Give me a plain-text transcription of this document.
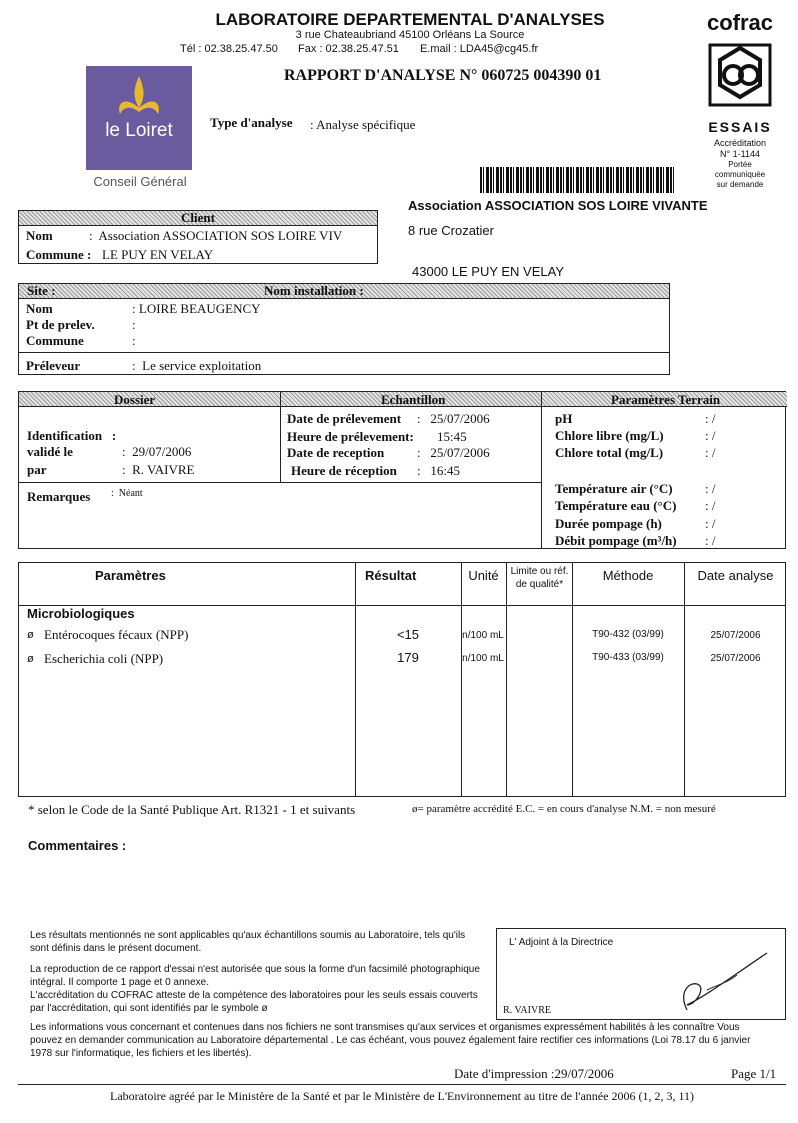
LABORATOIRE DEPARTEMENTAL D'ANALYSES
3 rue Chateaubriand 45100 Orléans La Source
Tél : 02.38.25.47.50 Fax : 02.38.25.47.51 E.mail : LDA45@cg45.fr
RAPPORT D'ANALYSE N° 060725 004390 01
Type d'analyse : Analyse spécifique
le Loiret
Conseil Général
cofrac
ESSAIS
Accréditation
N° 1-1144
Portée
communiquée
sur demande
Association ASSOCIATION SOS LOIRE VIVANTE
8 rue Crozatier
43000 LE PUY EN VELAY
Client
Nom	:  Association ASSOCIATION SOS LOIRE VIV
Commune : LE PUY EN VELAY
Site :	Nom installation :
Nom	: LOIRE BEAUGENCY
Pt de prelev.	:
Commune	:
Préleveur	:  Le service exploitation
Dossier	Echantillon	Paramètres Terrain
Identification   :
validé le	:  29/07/2006
par	:  R. VAIVRE
Remarques :  Néant
Date de prélevement :   25/07/2006
Heure de prélevement: 15:45
Date de reception	:   25/07/2006
Heure de réception :   16:45
pH	: /
Chlore libre (mg/L)	: /
Chlore total (mg/L)	: /
Température air (°C) : /
Température eau (°C) : /
Durée pompage (h)	: /
Débit pompage (m³/h) : /
Paramètres	Résultat	Unité	Limite ou réf.
de qualité*
Méthode	Date analyse
Microbiologiques
ø Entérocoques fécaux (NPP)	<15	n/100 mL	T90-432 (03/99)	25/07/2006
ø Escherichia coli (NPP)	179	n/100 mL	T90-433 (03/99)	25/07/2006
* selon le Code de la Santé Publique Art. R1321 - 1 et suivants	ø= paramètre accrédité E.C. = en cours d'analyse N.M. = non mesuré
Commentaires :
Les résultats mentionnés ne sont applicables qu'aux échantillons soumis au Laboratoire, tels qu'ils sont définis dans le présent document.
La reproduction de ce rapport d'essai n'est autorisée que sous la forme d'un facsimilé photographique intégral. Il comporte 1 page et 0 annexe.
L'accréditation du COFRAC atteste de la compétence des laboratoires pour les seuls essais couverts par l'accréditation, qui sont identifiés par le symbole ø
Les informations vous concernant et contenues dans nos fichiers ne sont transmises qu'aux services et organismes expressément habilités à les connaître Vous pouvez en demander communication au Laboratoire départemental . Le cas échéant, vous pouvez également faire rectifier ces informations (Loi 78.17 du 6 janvier 1978 sur l'informatique, les fichiers et les libertés).
L' Adjoint à la Directrice
R. VAIVRE
Date d'impression :29/07/2006	Page 1/1
Laboratoire agréé par le Ministère de la Santé et par le Ministère de L'Environnement au titre de l'année 2006 (1, 2, 3, 11)
